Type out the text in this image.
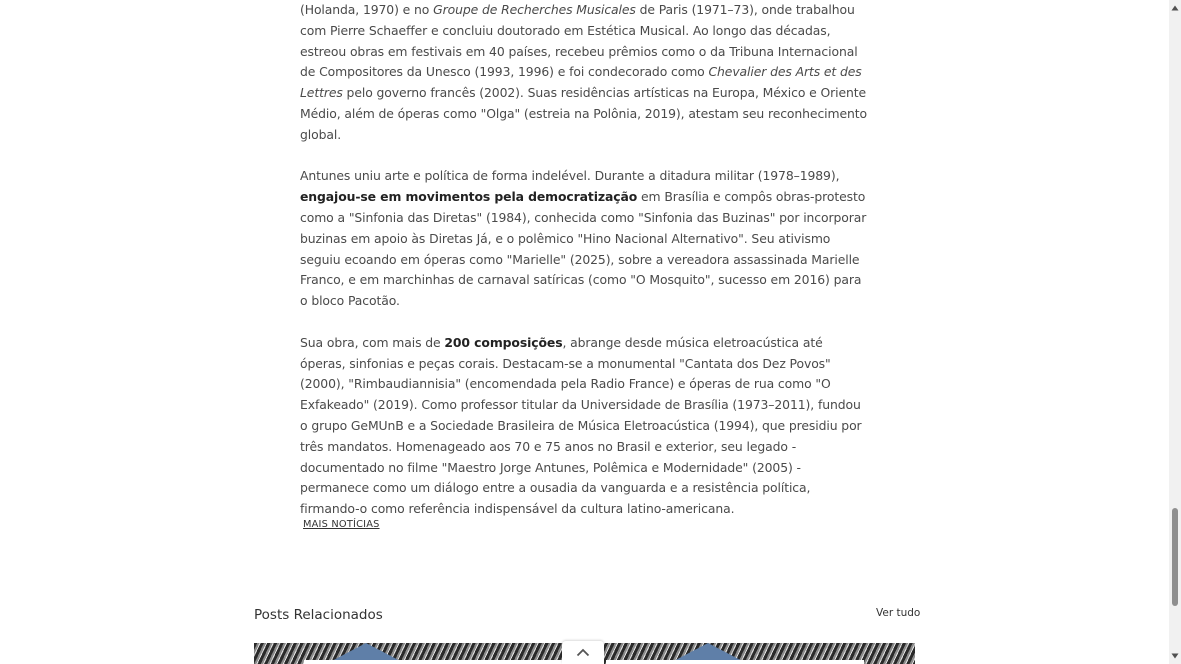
(Holanda, 1970) e no Groupe de Recherches Musicales de Paris (1971–73), onde trabalhou com Pierre Schaeffer e concluiu doutorado em Estética Musical. Ao longo das décadas, estreou obras em festivais em 40 países, recebeu prêmios como o da Tribuna Internacional de Compositores da Unesco (1993, 1996) e foi condecorado como Chevalier des Arts et des Lettres pelo governo francês (2002). Suas residências artísticas na Europa, México e Oriente Médio, além de óperas como "Olga" (estreia na Polônia, 2019), atestam seu reconhecimento global.

Antunes uniu arte e política de forma indelével. Durante a ditadura militar (1978–1989), engajou-se em movimentos pela democratização em Brasília e compôs obras-protesto como a "Sinfonia das Diretas" (1984), conhecida como "Sinfonia das Buzinas" por incorporar buzinas em apoio às Diretas Já, e o polêmico "Hino Nacional Alternativo". Seu ativismo seguiu ecoando em óperas como "Marielle" (2025), sobre a vereadora assassinada Marielle Franco, e em marchinhas de carnaval satíricas (como "O Mosquito", sucesso em 2016) para o bloco Pacotão.

Sua obra, com mais de 200 composições, abrange desde música eletroacústica até óperas, sinfonias e peças corais. Destacam-se a monumental "Cantata dos Dez Povos" (2000), "Rimbaudiannisia" (encomendada pela Radio France) e óperas de rua como "O Exfakeado" (2019). Como professor titular da Universidade de Brasília (1973–2011), fundou o grupo GeMUnB e a Sociedade Brasileira de Música Eletroacústica (1994), que presidiu por três mandatos. Homenageado aos 70 e 75 anos no Brasil e exterior, seu legado - documentado no filme "Maestro Jorge Antunes, Polêmica e Modernidade" (2005) - permanece como um diálogo entre a ousadia da vanguarda e a resistência política, firmando-o como referência indispensável da cultura latino-americana.

MAIS NOTÍCIAS
Posts Relacionados	Ver tudo
